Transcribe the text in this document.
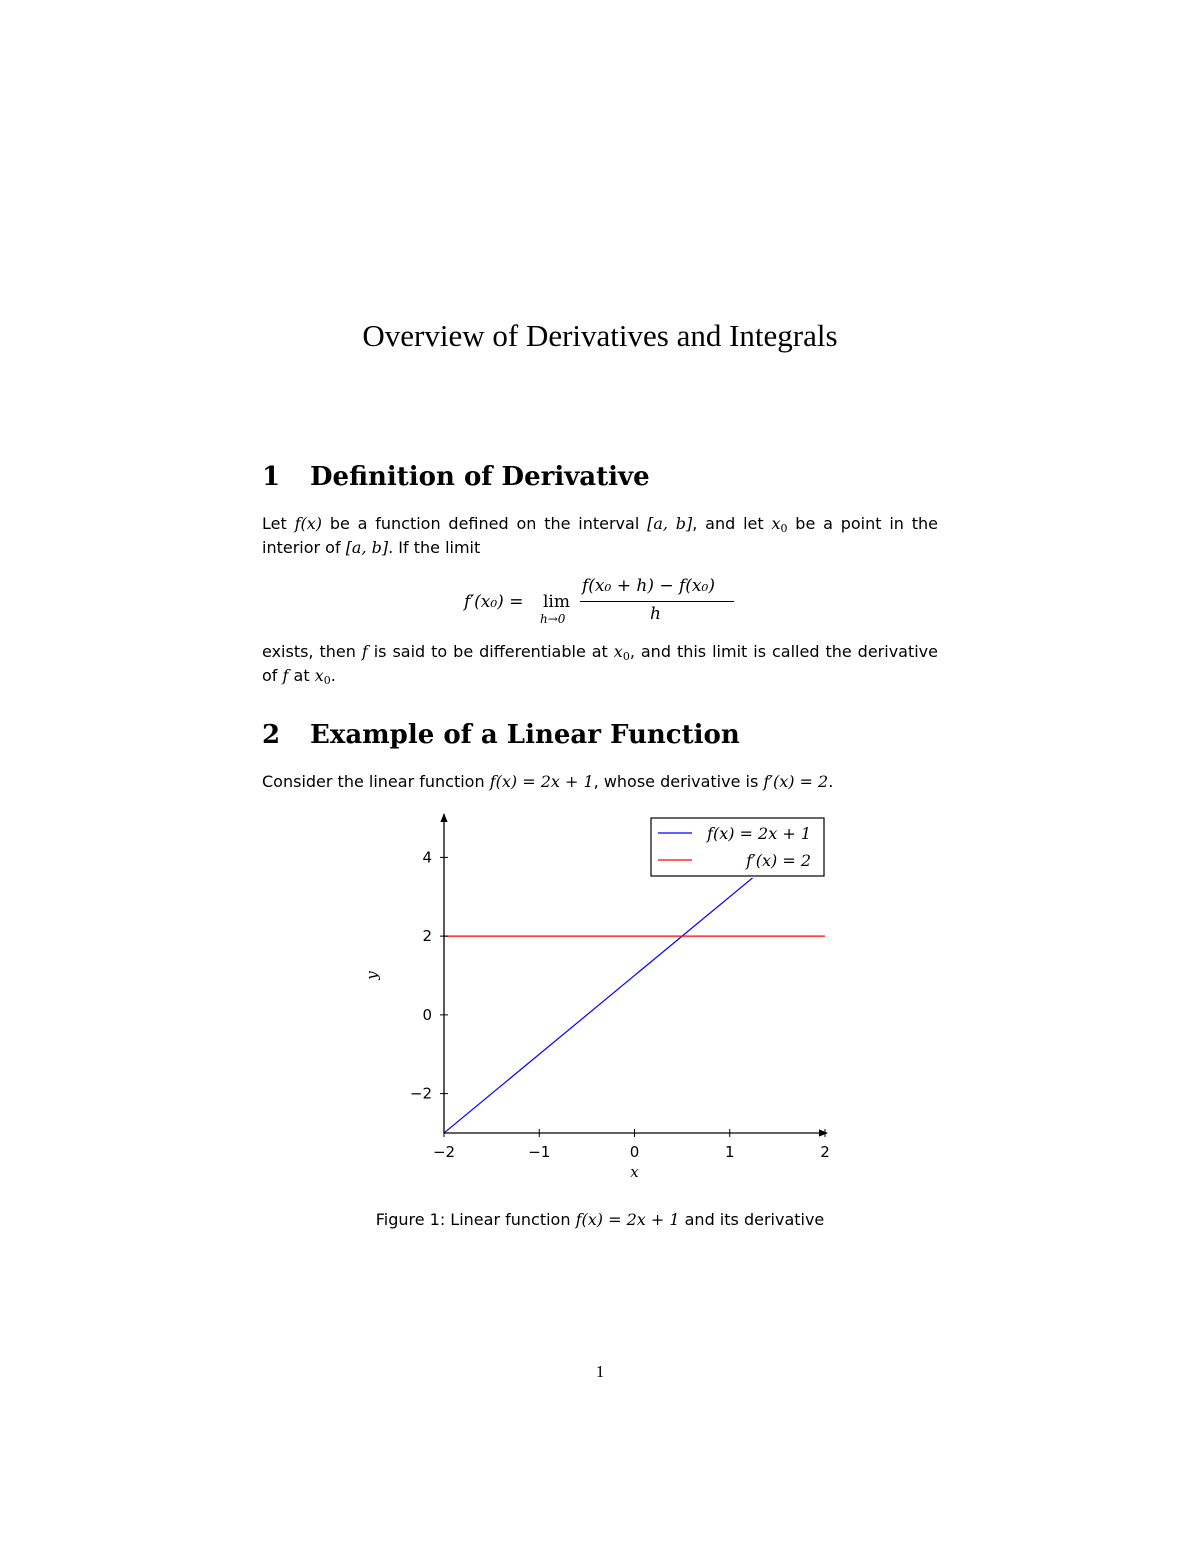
Overview of Derivatives and Integrals
1 Definition of Derivative
Let f(x) be a function defined on the interval [a, b], and let $x_0$ be a point in the interior of [a, b]. If the limit
f′(x₀) = lim
h→0
f(x₀ + h) − f(x₀)
h
exists, then f is said to be differentiable at $x_0$, and this limit is called the derivative of f at $x_0$.
2 Example of a Linear Function
Consider the linear function f(x) = 2x + 1, whose derivative is f′(x) = 2.
−2	−1	0	1	2
−2
0
2
4
x
y
f(x) = 2x + 1
f′(x) = 2
Figure 1: Linear function f(x) = 2x + 1 and its derivative
1
